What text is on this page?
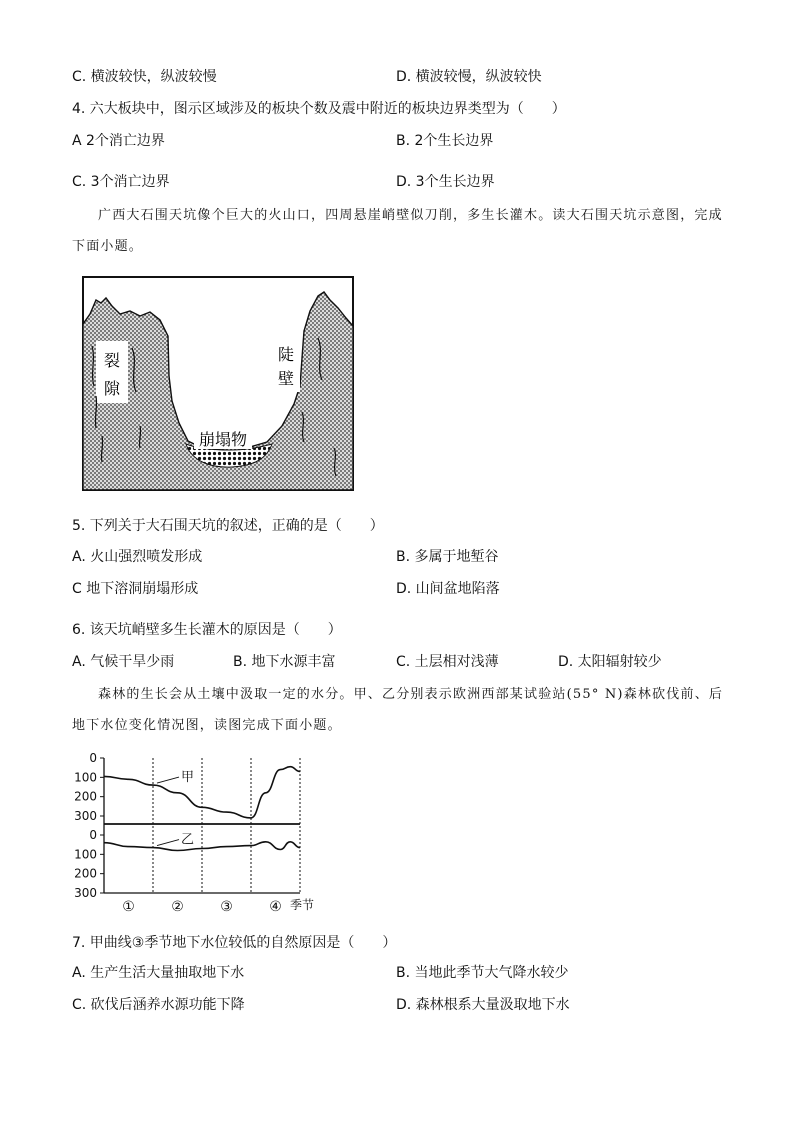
C. 横波较快，纵波较慢	D. 横波较慢，纵波较快
4. 六大板块中，图示区域涉及的板块个数及震中附近的板块边界类型为（　　）
A 2个消亡边界	B. 2个生长边界
C. 3个消亡边界	D. 3个生长边界
广西大石围天坑像个巨大的火山口，四周悬崖峭壁似刀削，多生长灌木。读大石围天坑示意图，完成
下面小题。
裂
隙
陡
壁
崩塌物
5. 下列关于大石围天坑的叙述，正确的是（　　）
A. 火山强烈喷发形成	B. 多属于地堑谷
C 地下溶洞崩塌形成	D. 山间盆地陷落
6. 该天坑峭壁多生长灌木的原因是（　　）
A. 气候干旱少雨	B. 地下水源丰富	C. 土层相对浅薄	D. 太阳辐射较少
森林的生长会从土壤中汲取一定的水分。甲、乙分别表示欧洲西部某试验站(55° N)森林砍伐前、后
地下水位变化情况图，读图完成下面小题。
0
100
200
300
0
100
200
300
①	②	③	④ 季节
甲
乙
7. 甲曲线③季节地下水位较低的自然原因是（　　）
A. 生产生活大量抽取地下水	B. 当地此季节大气降水较少
C. 砍伐后涵养水源功能下降	D. 森林根系大量汲取地下水
